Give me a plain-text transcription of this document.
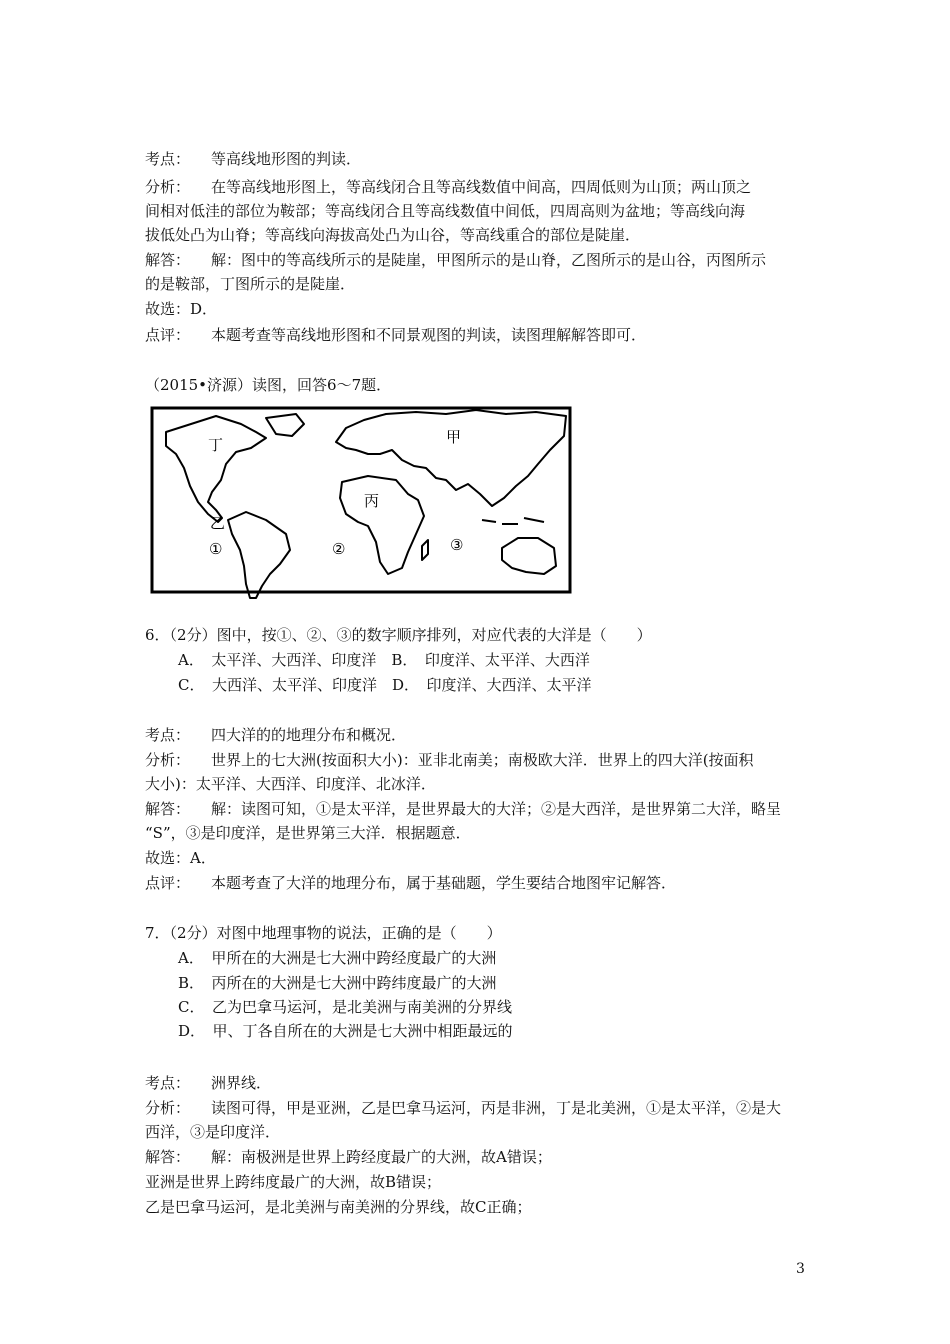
考点： 等高线地形图的判读．
分析： 在等高线地形图上，等高线闭合且等高线数值中间高，四周低则为山顶；两山顶之
间相对低洼的部位为鞍部；等高线闭合且等高线数值中间低，四周高则为盆地；等高线向海
拔低处凸为山脊；等高线向海拔高处凸为山谷，等高线重合的部位是陡崖．
解答： 解：图中的等高线所示的是陡崖，甲图所示的是山脊，乙图所示的是山谷，丙图所示
的是鞍部，丁图所示的是陡崖．
故选：D．
点评： 本题考查等高线地形图和不同景观图的判读，读图理解解答即可．
（2015•济源）读图，回答6～7题．
丁	甲
丙
乙
①	②	③
6．（2分）图中，按①、②、③的数字顺序排列，对应代表的大洋是（　　）
A．　太平洋、大西洋、印度洋　B．　印度洋、太平洋、大西洋
C．　大西洋、太平洋、印度洋　D．　印度洋、大西洋、太平洋
考点： 四大洋的的地理分布和概况．
分析： 世界上的七大洲(按面积大小)：亚非北南美；南极欧大洋．世界上的四大洋(按面积
大小)：太平洋、大西洋、印度洋、北冰洋．
解答： 解：读图可知，①是太平洋，是世界最大的大洋；②是大西洋，是世界第二大洋，略呈
“S”，③是印度洋，是世界第三大洋．根据题意．
故选：A．
点评： 本题考查了大洋的地理分布，属于基础题，学生要结合地图牢记解答．
7．（2分）对图中地理事物的说法，正确的是（　　）
A．　甲所在的大洲是七大洲中跨经度最广的大洲
B．　丙所在的大洲是七大洲中跨纬度最广的大洲
C．　乙为巴拿马运河，是北美洲与南美洲的分界线
D．　甲、丁各自所在的大洲是七大洲中相距最远的
考点： 洲界线．
分析： 读图可得，甲是亚洲，乙是巴拿马运河，丙是非洲，丁是北美洲，①是太平洋，②是大
西洋，③是印度洋．
解答： 解：南极洲是世界上跨经度最广的大洲，故A错误；
亚洲是世界上跨纬度最广的大洲，故B错误；
乙是巴拿马运河，是北美洲与南美洲的分界线，故C正确；
3
